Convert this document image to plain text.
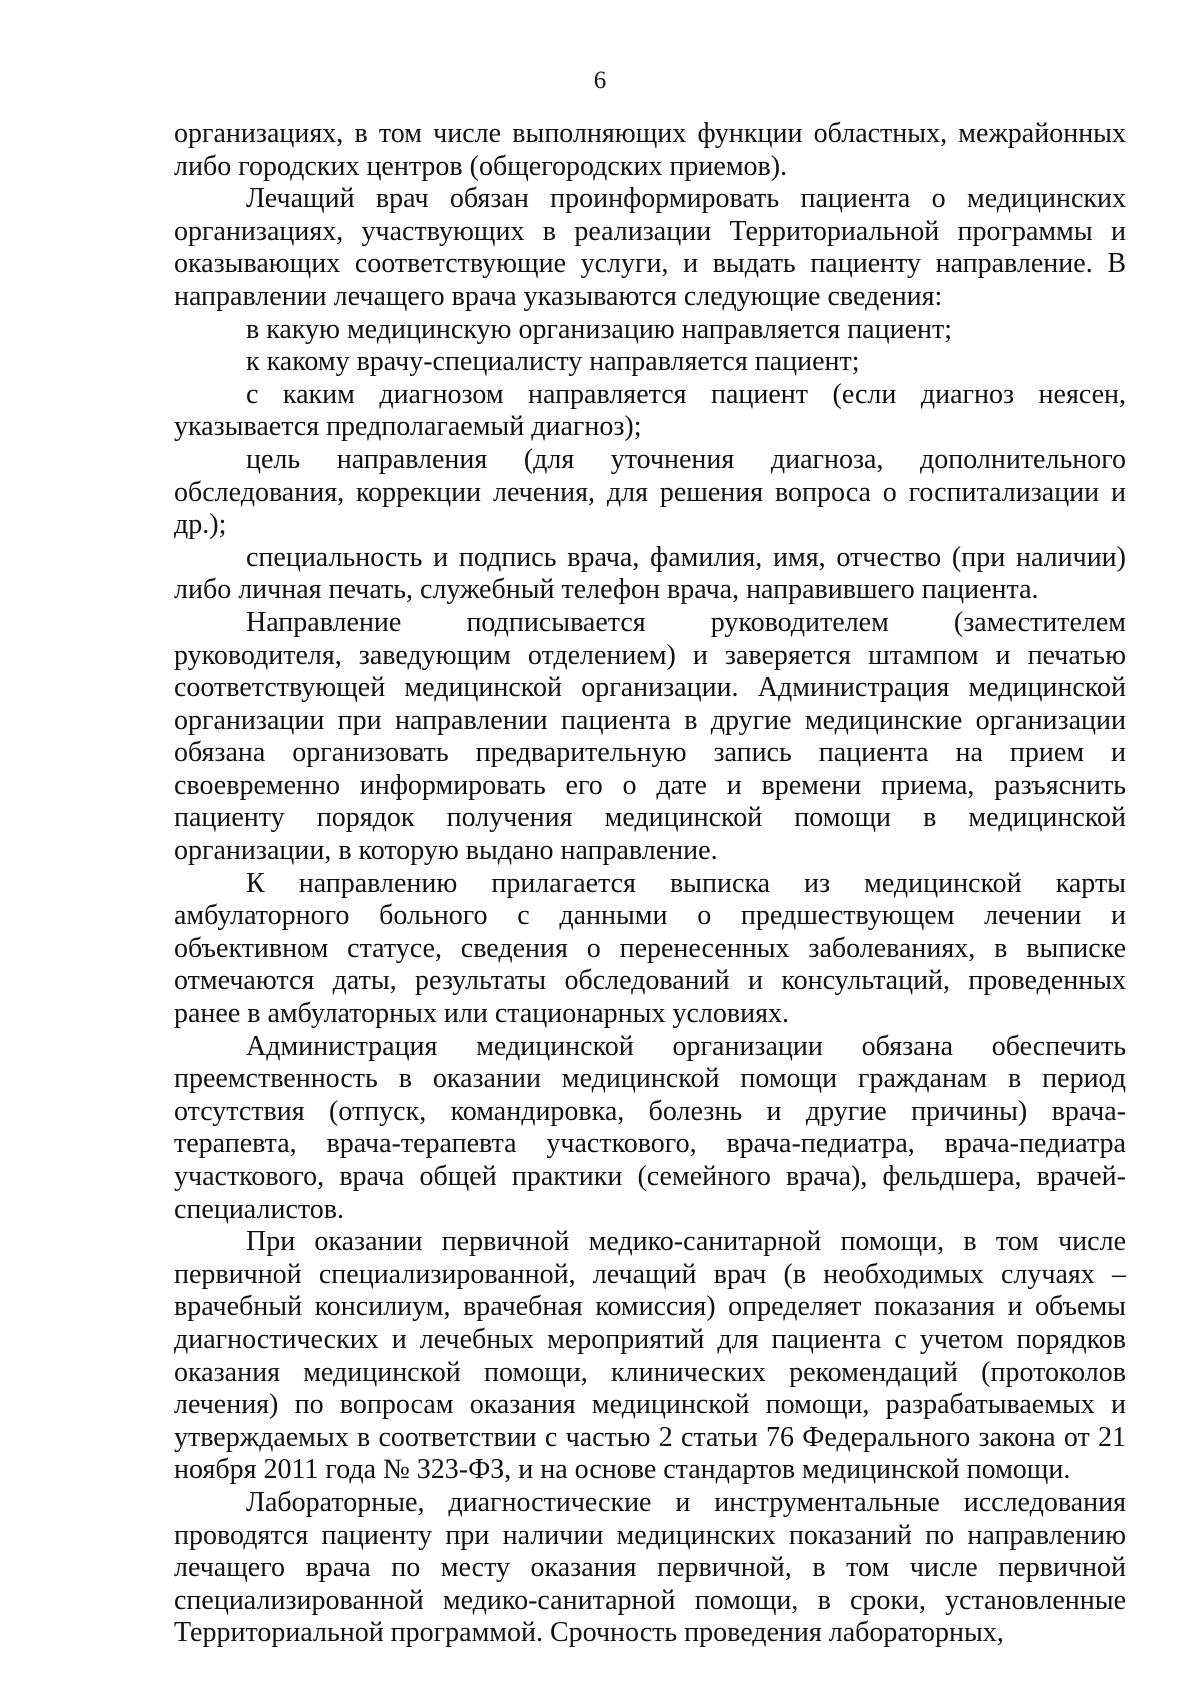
6

организациях, в том числе выполняющих функции областных, межрайонных либо городских центров (общегородских приемов).

Лечащий врач обязан проинформировать пациента о медицинских организациях, участвующих в реализации Территориальной программы и оказывающих соответствующие услуги, и выдать пациенту направление. В направлении лечащего врача указываются следующие сведения:

в какую медицинскую организацию направляется пациент;

к какому врачу-специалисту направляется пациент;

с каким диагнозом направляется пациент (если диагноз неясен, указывается предполагаемый диагноз);

цель направления (для уточнения диагноза, дополнительного обследования, коррекции лечения, для решения вопроса о госпитализации и др.);

специальность и подпись врача, фамилия, имя, отчество (при наличии) либо личная печать, служебный телефон врача, направившего пациента.

Направление подписывается руководителем (заместителем руководителя, заведующим отделением) и заверяется штампом и печатью соответствующей медицинской организации. Администрация медицинской организации при направлении пациента в другие медицинские организации обязана организовать предварительную запись пациента на прием и своевременно информировать его о дате и времени приема, разъяснить пациенту порядок получения медицинской помощи в медицинской организации, в которую выдано направление.

К направлению прилагается выписка из медицинской карты амбулаторного больного с данными о предшествующем лечении и объективном статусе, сведения о перенесенных заболеваниях, в выписке отмечаются даты, результаты обследований и консультаций, проведенных ранее в амбулаторных или стационарных условиях.

Администрация медицинской организации обязана обеспечить преемственность в оказании медицинской помощи гражданам в период отсутствия (отпуск, командировка, болезнь и другие причины) врача-терапевта, врача-терапевта участкового, врача-педиатра, врача-педиатра участкового, врача общей практики (семейного врача), фельдшера, врачей-специалистов.

При оказании первичной медико-санитарной помощи, в том числе первичной специализированной, лечащий врач (в необходимых случаях – врачебный консилиум, врачебная комиссия) определяет показания и объемы диагностических и лечебных мероприятий для пациента с учетом порядков оказания медицинской помощи, клинических рекомендаций (протоколов лечения) по вопросам оказания медицинской помощи, разрабатываемых и утверждаемых в соответствии с частью 2 статьи 76 Федерального закона от 21 ноября 2011 года № 323-ФЗ, и на основе стандартов медицинской помощи.

Лабораторные, диагностические и инструментальные исследования проводятся пациенту при наличии медицинских показаний по направлению лечащего врача по месту оказания первичной, в том числе первичной специализированной медико-санитарной помощи, в сроки, установленные Территориальной программой. Срочность проведения лабораторных,
